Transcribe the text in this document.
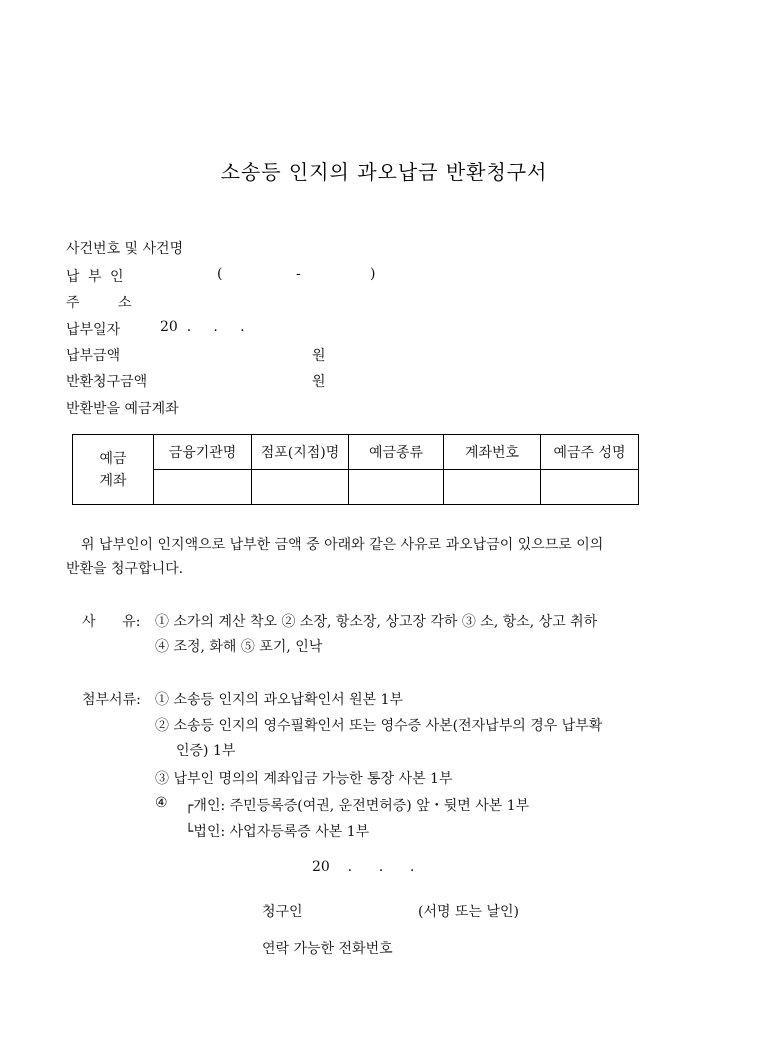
소송등 인지의 과오납금 반환청구서
사건번호 및 사건명
납 부 인	(	-	)
주	소
납부일자	20  .     .     .
납부금액	원
반환청구금액	원
반환받을 예금계좌
예금
계좌	금융기관명	점포(지점)명	예금종류	계좌번호	예금주 성명

위 납부인이 인지액으로 납부한 금액 중 아래와 같은 사유로 과오납금이 있으므로 이의
반환을 청구합니다.
사      유: ① 소가의 계산 착오 ② 소장, 항소장, 상고장 각하 ③ 소, 항소, 상고 취하
④ 조정, 화해 ⑤ 포기, 인낙
첨부서류: ① 소송등 인지의 과오납확인서 원본 1부
② 소송등 인지의 영수필확인서 또는 영수증 사본(전자납부의 경우 납부확
인증) 1부
③ 납부인 명의의 계좌입금 가능한 통장 사본 1부
④ ┌개인: 주민등록증(여권, 운전면허증) 앞・뒷면 사본 1부
└법인: 사업자등록증 사본 1부
20    .      .      .
청구인	(서명 또는 날인)
연락 가능한 전화번호
